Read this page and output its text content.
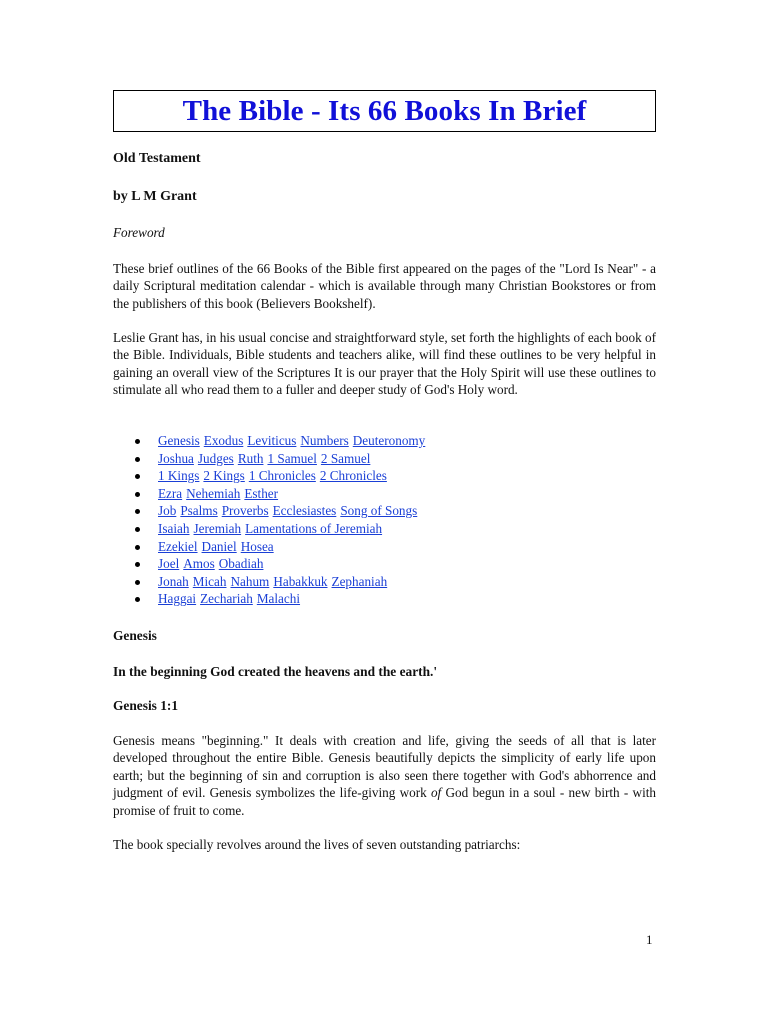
The Bible - Its 66 Books In Brief

Old Testament

by L M Grant

Foreword

These brief outlines of the 66 Books of the Bible first appeared on the pages of the "Lord Is Near" - a daily Scriptural meditation calendar - which is available through many Christian Bookstores or from the publishers of this book (Believers Bookshelf).

Leslie Grant has, in his usual concise and straightforward style, set forth the highlights of each book of the Bible. Individuals, Bible students and teachers alike, will find these outlines to be very helpful in gaining an overall view of the Scriptures It is our prayer that the Holy Spirit will use these outlines to stimulate all who read them to a fuller and deeper study of God's Holy word.

Genesis Exodus Leviticus Numbers Deuteronomy
Joshua Judges Ruth 1 Samuel 2 Samuel
1 Kings 2 Kings 1 Chronicles 2 Chronicles
Ezra Nehemiah Esther
Job Psalms Proverbs Ecclesiastes Song of Songs
Isaiah Jeremiah Lamentations of Jeremiah
Ezekiel Daniel Hosea
Joel Amos Obadiah
Jonah Micah Nahum Habakkuk Zephaniah
Haggai Zechariah Malachi

Genesis

In the beginning God created the heavens and the earth.'

Genesis 1:1

Genesis means "beginning." It deals with creation and life, giving the seeds of all that is later developed throughout the entire Bible. Genesis beautifully depicts the simplicity of early life upon earth; but the beginning of sin and corruption is also seen there together with God's abhorrence and judgment of evil. Genesis symbolizes the life-giving work of God begun in a soul - new birth - with promise of fruit to come.

The book specially revolves around the lives of seven outstanding patriarchs:

1
